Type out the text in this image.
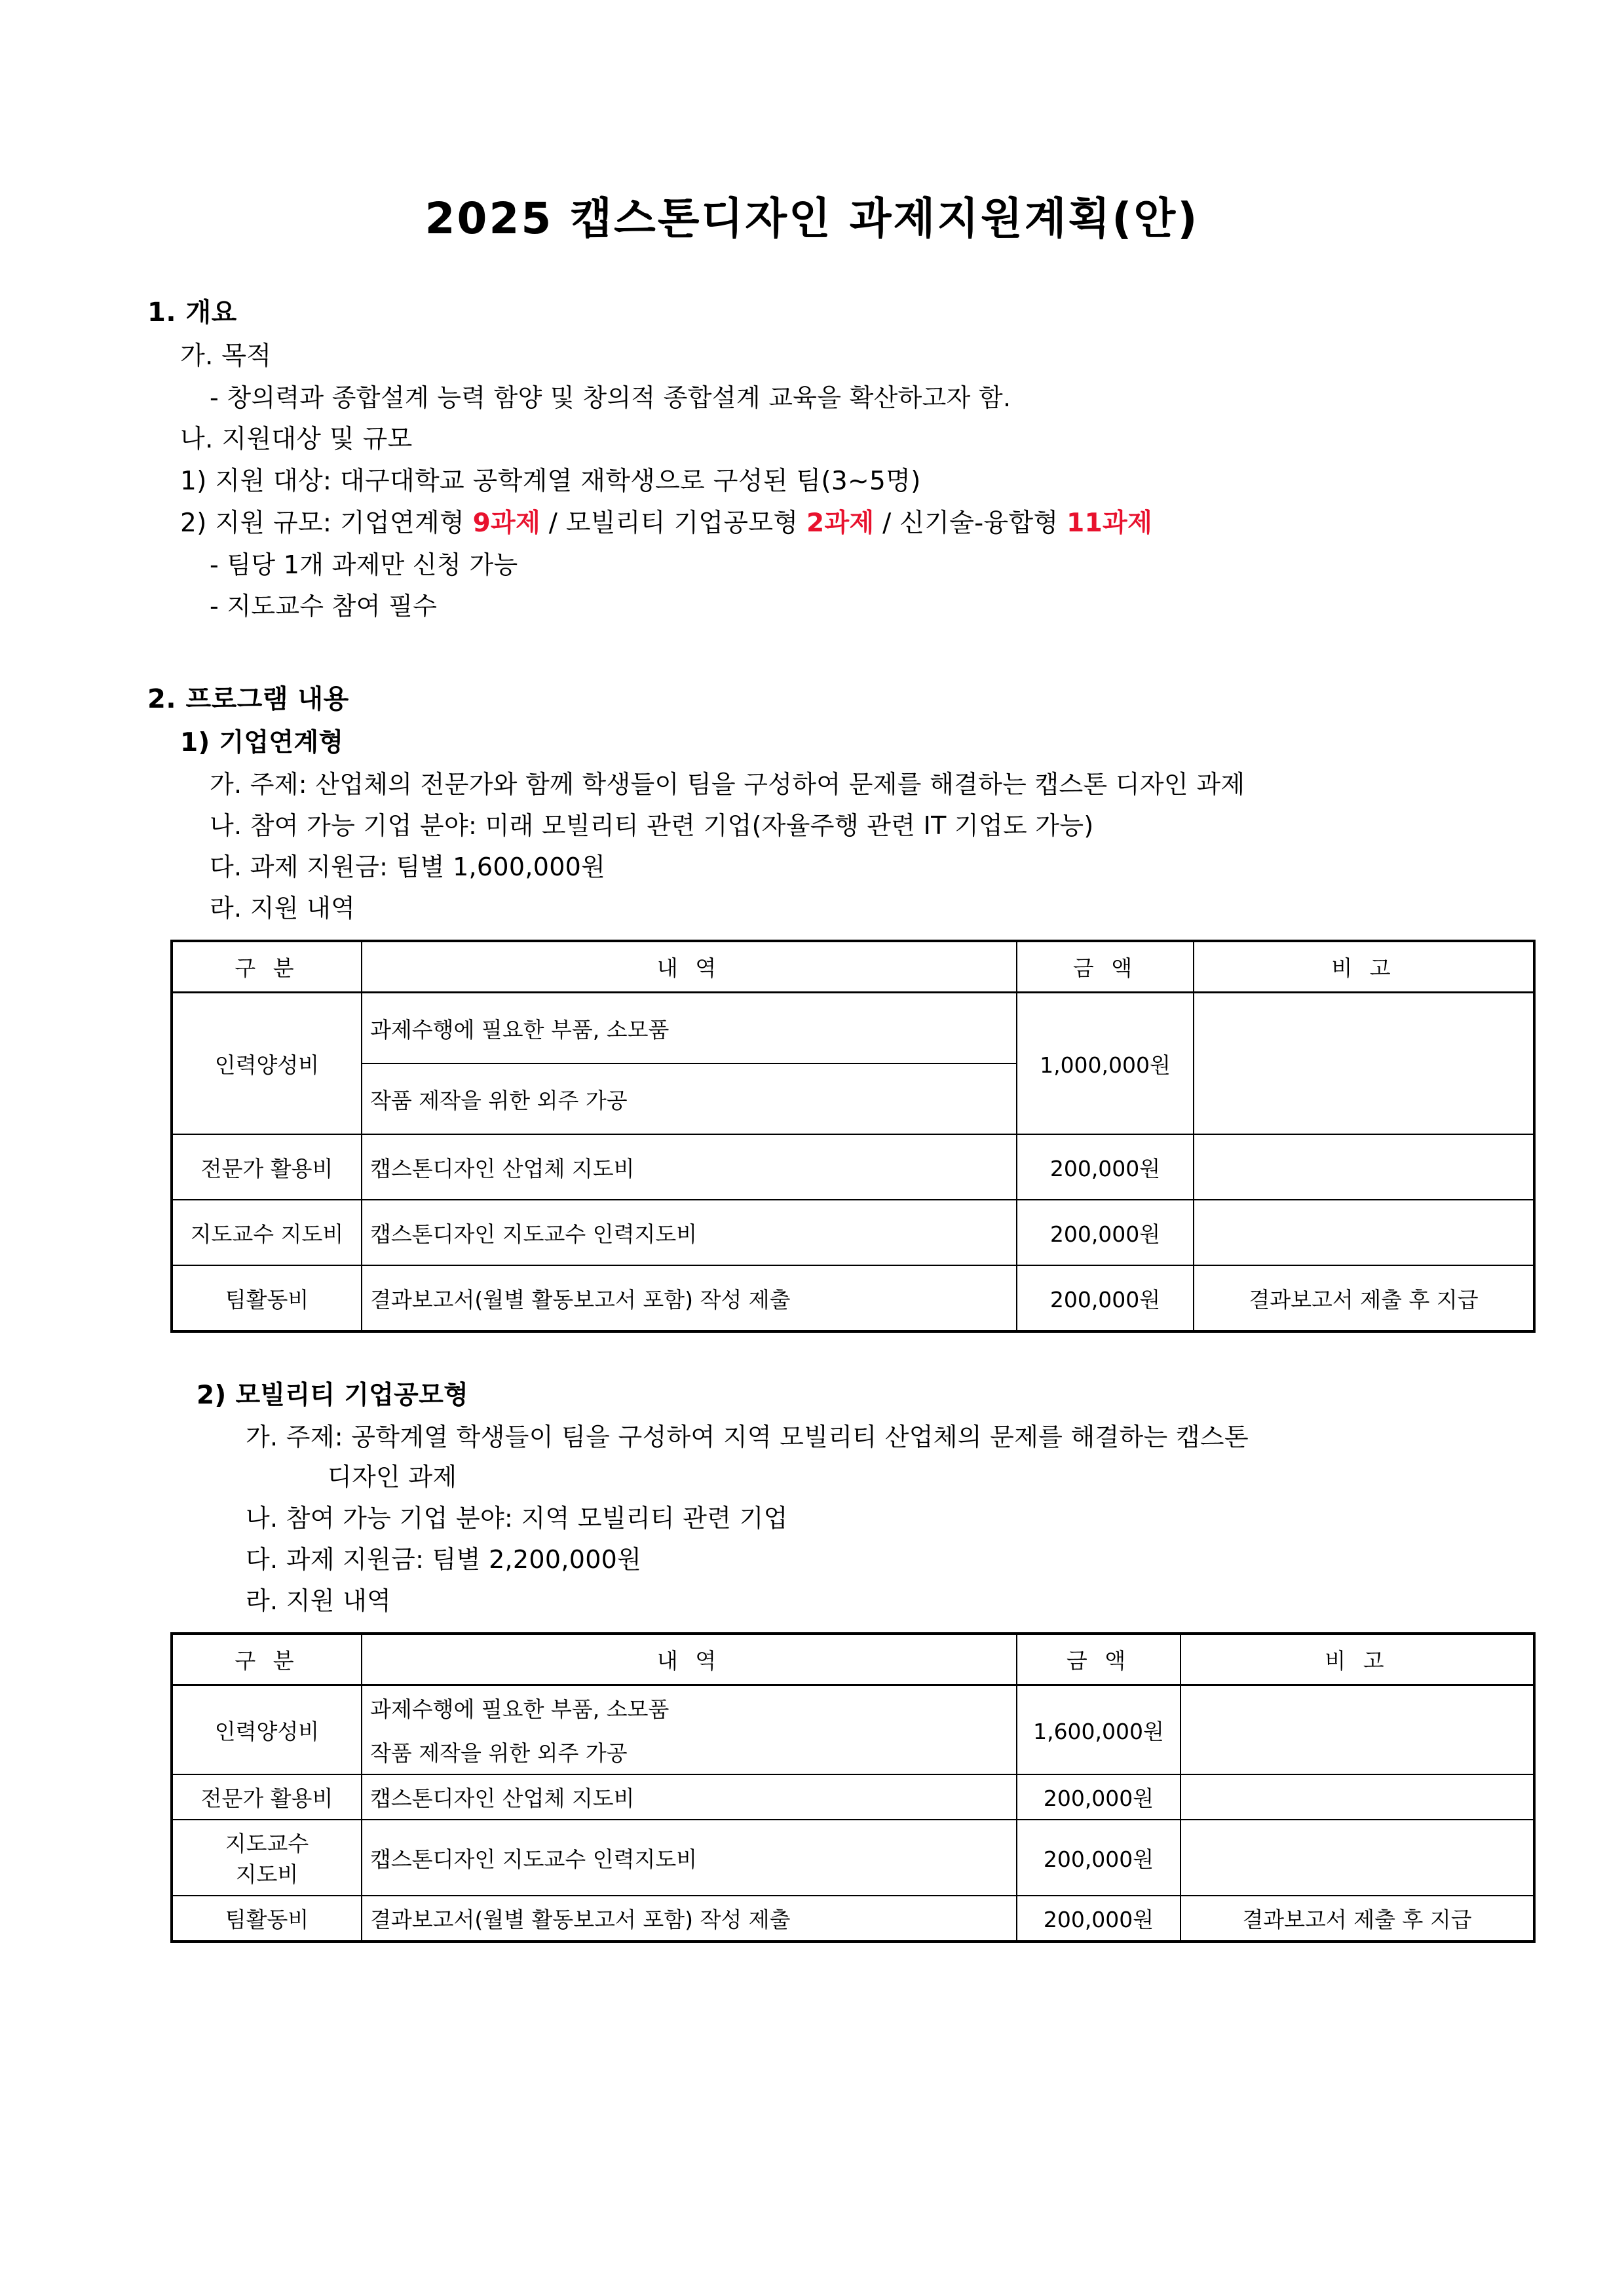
2025 캡스톤디자인 과제지원계획(안)
1. 개요
가. 목적
- 창의력과 종합설계 능력 함양 및 창의적 종합설계 교육을 확산하고자 함.
나. 지원대상 및 규모
1) 지원 대상: 대구대학교 공학계열 재학생으로 구성된 팀(3~5명)
2) 지원 규모: 기업연계형 9과제 / 모빌리티 기업공모형 2과제 / 신기술-융합형 11과제
- 팀당 1개 과제만 신청 가능
- 지도교수 참여 필수
2. 프로그램 내용
1) 기업연계형
가. 주제: 산업체의 전문가와 함께 학생들이 팀을 구성하여 문제를 해결하는 캡스톤 디자인 과제
나. 참여 가능 기업 분야: 미래 모빌리티 관련 기업(자율주행 관련 IT 기업도 가능)
다. 과제 지원금: 팀별 1,600,000원
라. 지원 내역
구 분	내 역	금 액	비 고
인력양성비	과제수행에 필요한 부품, 소모품	1,000,000원	
	작품 제작을 위한 외주 가공		
전문가 활용비	캡스톤디자인 산업체 지도비	200,000원	
지도교수 지도비	캡스톤디자인 지도교수 인력지도비	200,000원	
팀활동비	결과보고서(월별 활동보고서 포함) 작성 제출	200,000원	결과보고서 제출 후 지급
2) 모빌리티 기업공모형
가. 주제: 공학계열 학생들이 팀을 구성하여 지역 모빌리티 산업체의 문제를 해결하는 캡스톤
디자인 과제
나. 참여 가능 기업 분야: 지역 모빌리티 관련 기업
다. 과제 지원금: 팀별 2,200,000원
라. 지원 내역
구 분	내 역	금 액	비 고
인력양성비	과제수행에 필요한 부품, 소모품	1,600,000원	
	작품 제작을 위한 외주 가공		
전문가 활용비	캡스톤디자인 산업체 지도비	200,000원	

지도교수
지도비	캡스톤디자인 지도교수 인력지도비	200,000원	
팀활동비	결과보고서(월별 활동보고서 포함) 작성 제출	200,000원	결과보고서 제출 후 지급
